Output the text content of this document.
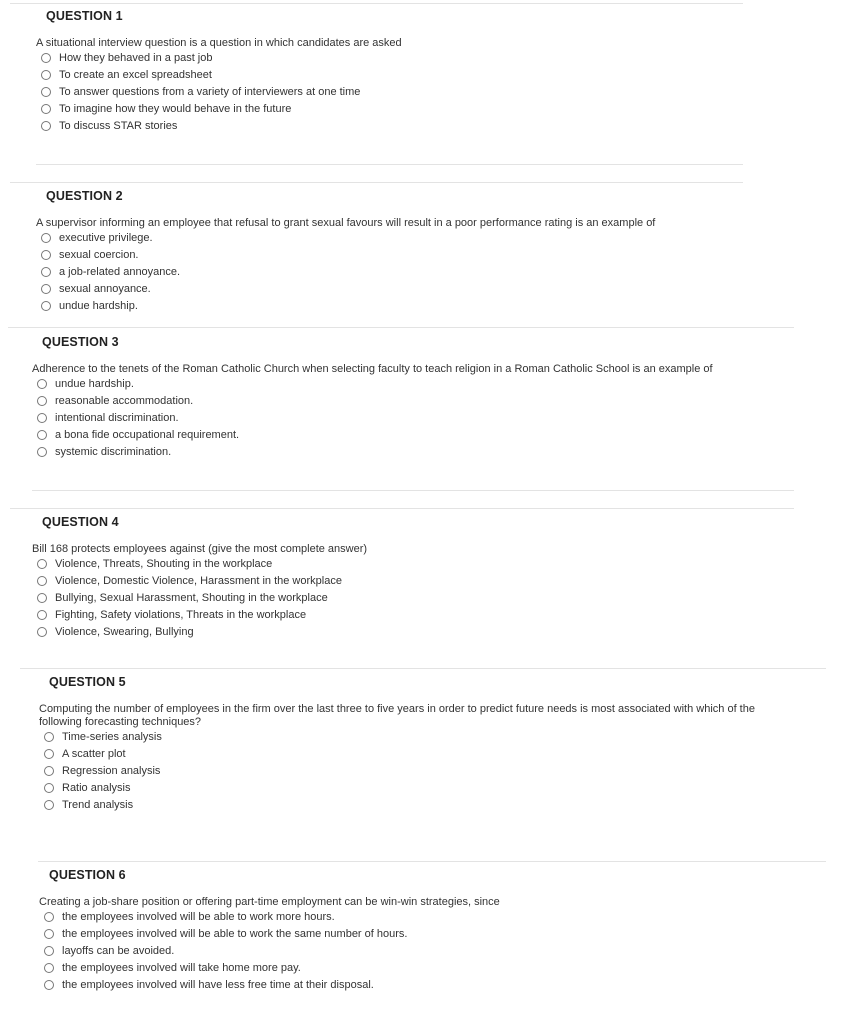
QUESTION 1
A situational interview question is a question in which candidates are asked
How they behaved in a past job
To create an excel spreadsheet
To answer questions from a variety of interviewers at one time
To imagine how they would behave in the future
To discuss STAR stories
QUESTION 2
A supervisor informing an employee that refusal to grant sexual favours will result in a poor performance rating is an example of
executive privilege.
sexual coercion.
a job-related annoyance.
sexual annoyance.
undue hardship.
QUESTION 3
Adherence to the tenets of the Roman Catholic Church when selecting faculty to teach religion in a Roman Catholic School is an example of
undue hardship.
reasonable accommodation.
intentional discrimination.
a bona fide occupational requirement.
systemic discrimination.
QUESTION 4
Bill 168 protects employees against (give the most complete answer)
Violence, Threats, Shouting in the workplace
Violence, Domestic Violence, Harassment in the workplace
Bullying, Sexual Harassment, Shouting in the workplace
Fighting, Safety violations, Threats in the workplace
Violence, Swearing, Bullying
QUESTION 5
Computing the number of employees in the firm over the last three to five years in order to predict future needs is most associated with which of the following forecasting techniques?
Time-series analysis
A scatter plot
Regression analysis
Ratio analysis
Trend analysis
QUESTION 6
Creating a job-share position or offering part-time employment can be win-win strategies, since
the employees involved will be able to work more hours.
the employees involved will be able to work the same number of hours.
layoffs can be avoided.
the employees involved will take home more pay.
the employees involved will have less free time at their disposal.
